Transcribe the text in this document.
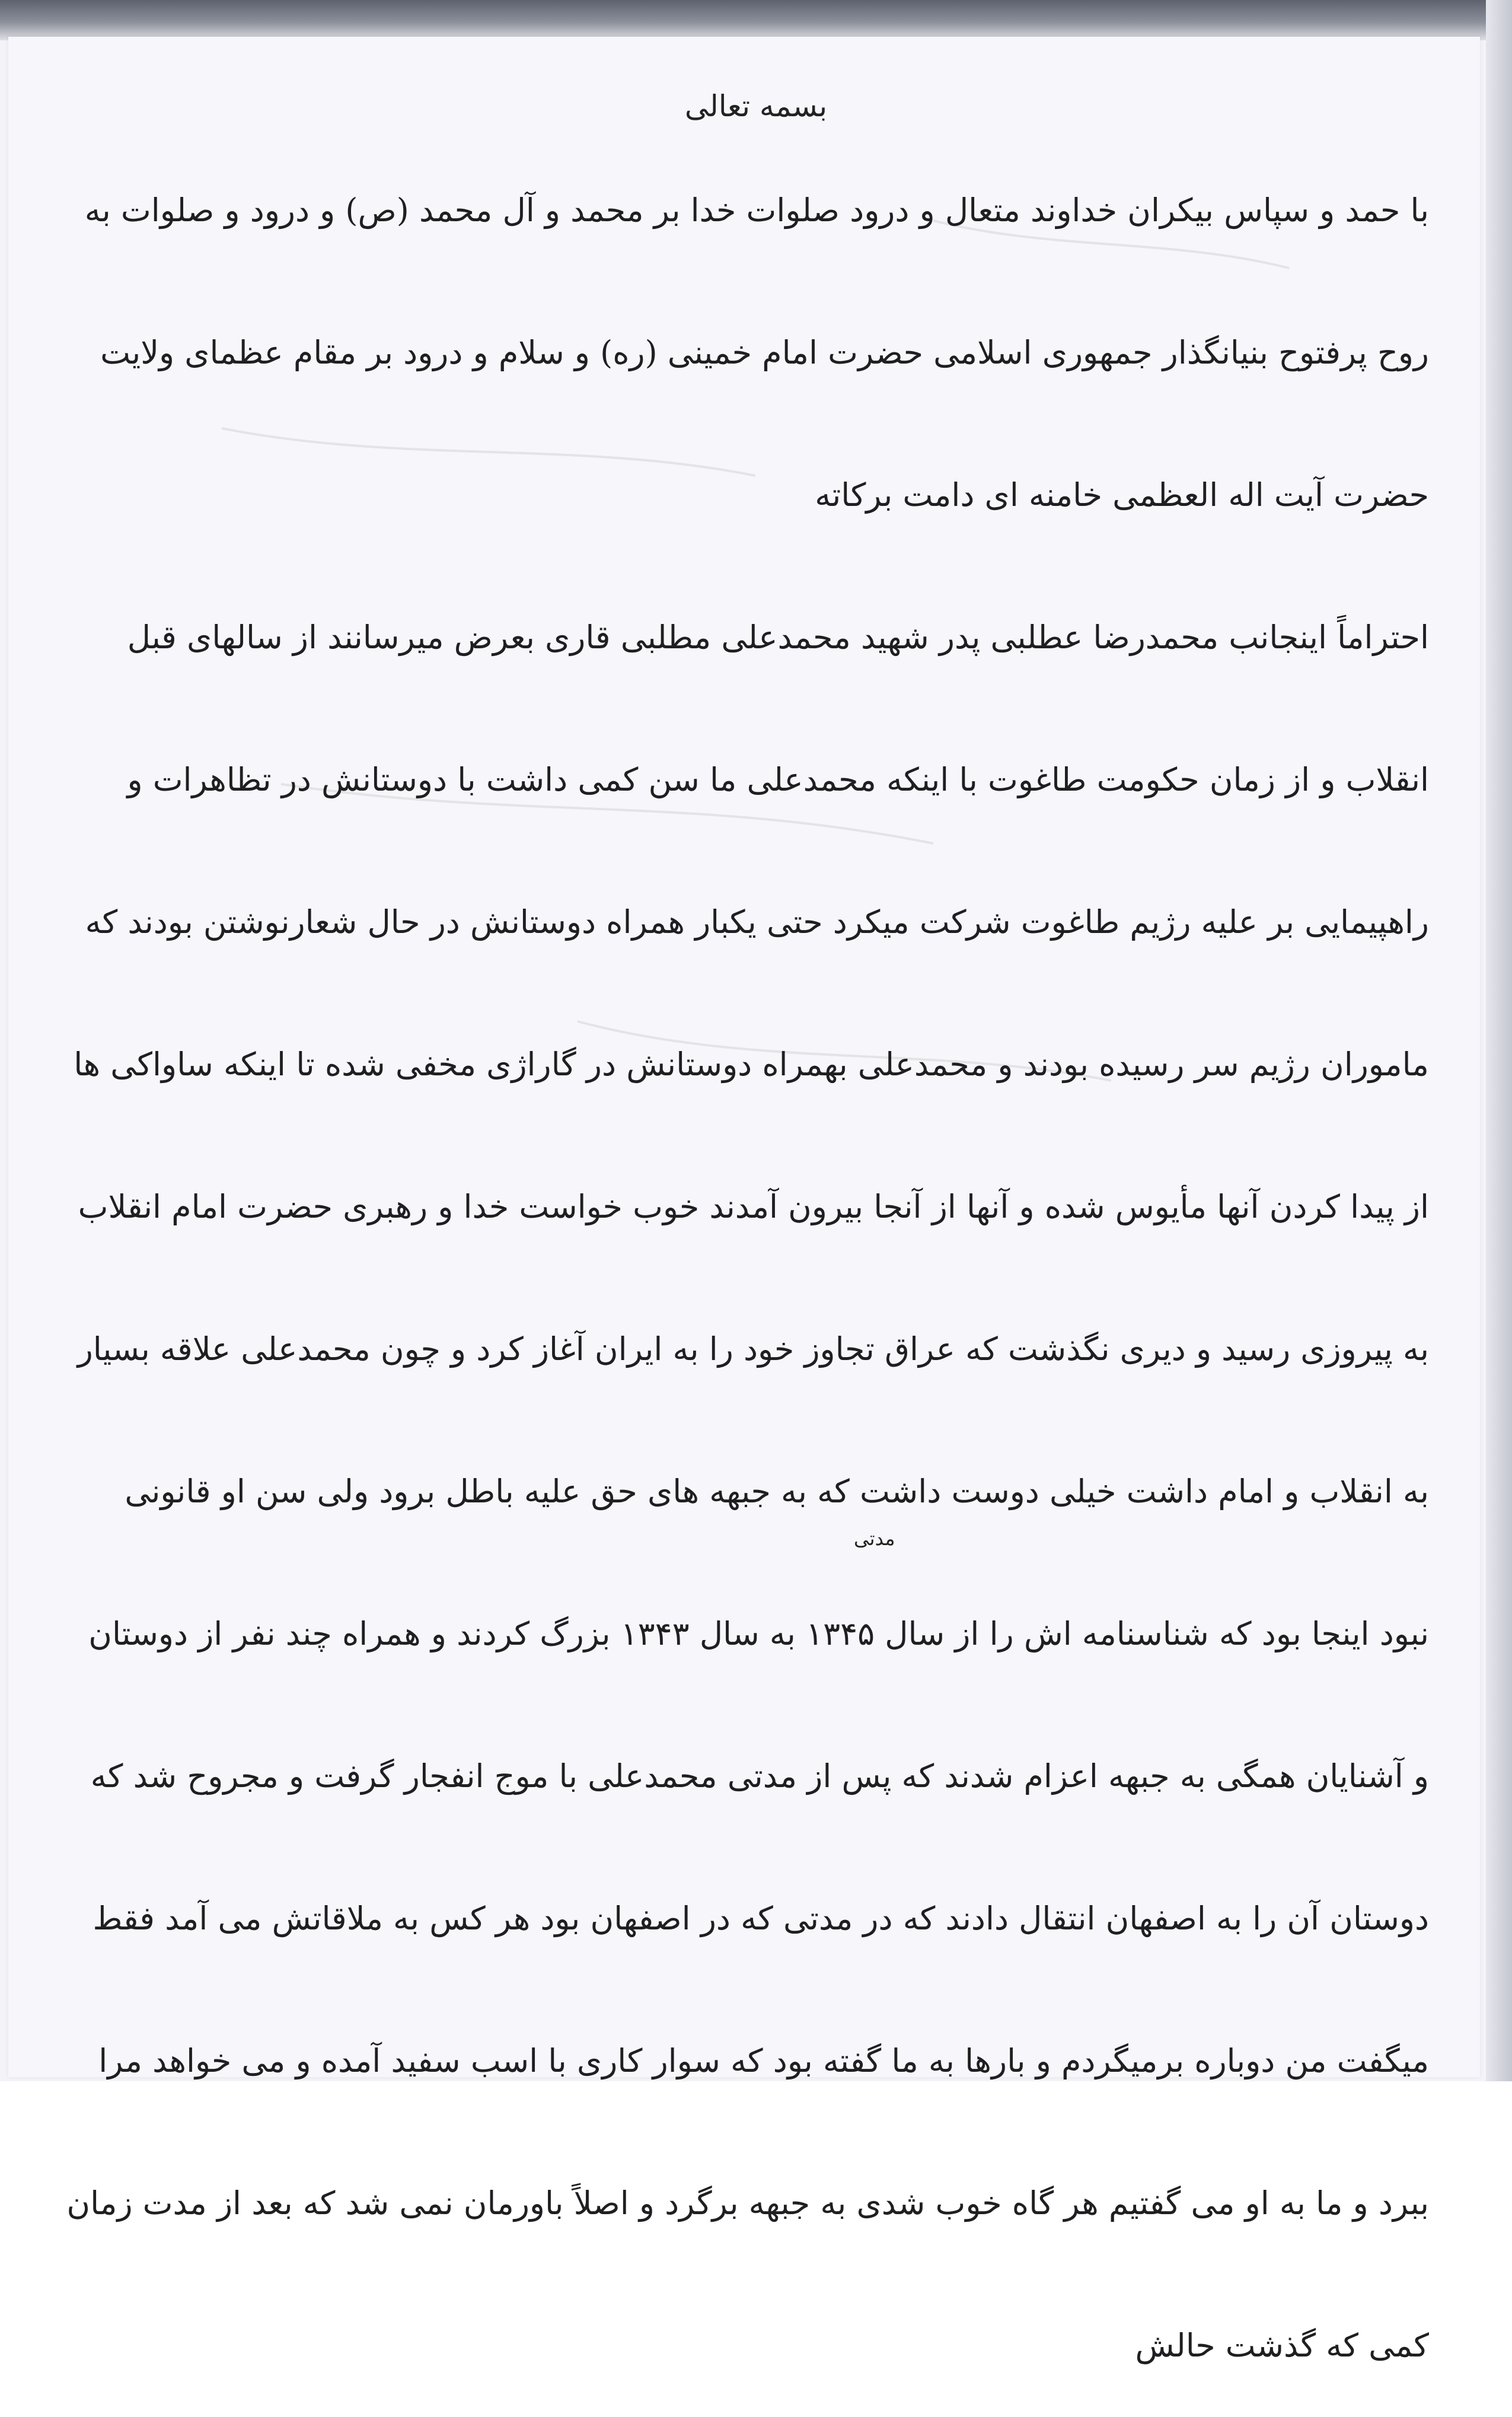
بسمه تعالی

با حمد و سپاس بیکران خداوند متعال و درود صلوات خدا بر محمد و آل محمد (ص) و درود و صلوات به روح پرفتوح بنیانگذار جمهوری اسلامی حضرت امام خمینی (ره) و سلام و درود بر مقام عظمای ولایت حضرت آیت اله العظمی خامنه ای دامت برکاته

احتراماً اینجانب محمدرضا عطلبی پدر شهید محمدعلی مطلبی قاری بعرض میرسانند از سالهای قبل انقلاب و از زمان حکومت طاغوت با اینکه محمدعلی ما سن کمی داشت با دوستانش در تظاهرات و راهپیمایی بر علیه رژیم طاغوت شرکت میکرد حتی یکبار همراه دوستانش در حال شعارنوشتن بودند که ماموران رژیم سر رسیده بودند و محمدعلی بهمراه دوستانش در گاراژی مخفی شده تا اینکه ساواکی ها از پیدا کردن آنها مأیوس شده و آنها از آنجا بیرون آمدند خوب خواست خدا و رهبری حضرت امام انقلاب به پیروزی رسید و دیری نگذشت که عراق تجاوز خود را به ایران آغاز کرد و چون محمدعلی علاقه بسیار به انقلاب و امام داشت خیلی دوست داشت که به جبهه های حق علیه باطل برود ولی سن او قانونی نبود اینجا بود که شناسنامه اش را از سال ۱۳۴۵ به سال ۱۳۴۳ بزرگ کردند و همراه چند نفر از دوستان و آشنایان همگی به جبهه اعزام شدند که پس از مدتی محمدعلی با موج انفجار گرفت و مجروح شد که دوستان آن را به اصفهان انتقال دادند که در مدتی که در اصفهان بود هر کس به ملاقاتش می آمد فقط میگفت من دوباره برمیگردم و بارها به ما گفته بود که سوار کاری با اسب سفید آمده و می خواهد مرا ببرد و ما به او می گفتیم هر گاه خوب شدی به جبهه برگرد و اصلاً باورمان نمی شد که بعد از مدت زمان کمی که گذشت حالش

مدتی
